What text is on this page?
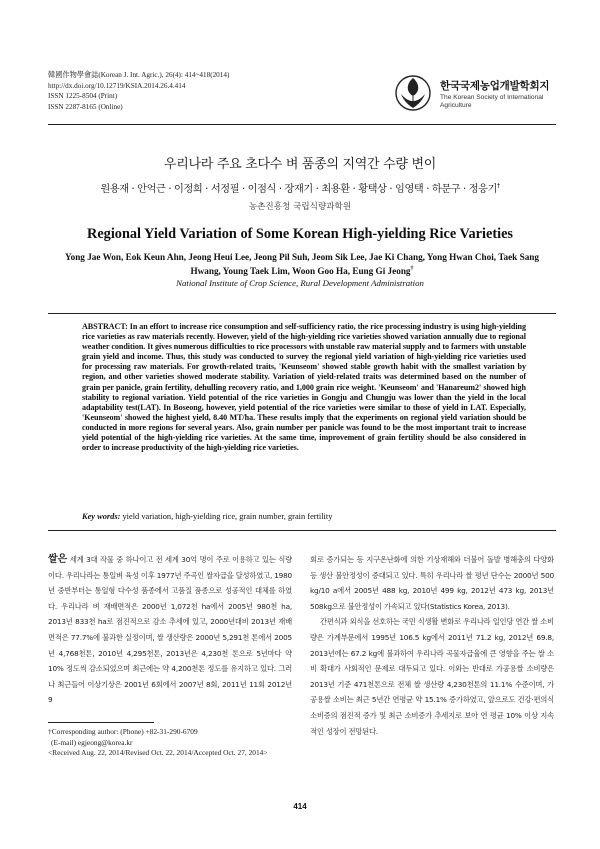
韓國作物學會誌(Korean J. Int. Agric.), 26(4): 414~418(2014)
http://dx.doi.org/10.12719/KSIA.2014.26.4.414
ISSN 1225-8504 (Print)
ISSN 2287-8165 (Online)
한국국제농업개발학회지
The Korean Society of International Agriculture
우리나라 주요 초다수 벼 품종의 지역간 수량 변이
원용재 · 안억근 · 이정희 · 서정필 · 이점식 · 장재기 · 최용환 · 황택상 · 임영택 · 하문구 · 정응기†
농촌진흥청 국립식량과학원
Regional Yield Variation of Some Korean High-yielding Rice Varieties
Yong Jae Won, Eok Keun Ahn, Jeong Heui Lee, Jeong Pil Suh, Jeom Sik Lee, Jae Ki Chang, Yong Hwan Choi, Taek Sang Hwang, Young Taek Lim, Woon Goo Ha, Eung Gi Jeong†
National Institute of Crop Science, Rural Development Administration
ABSTRACT: In an effort to increase rice consumption and self-sufficiency ratio, the rice processing industry is using high-yielding rice varieties as raw materials recently. However, yield of the high-yielding rice varieties showed variation annually due to regional weather condition. It gives numerous difficulties to rice processors with unstable raw material supply and to farmers with unstable grain yield and income. Thus, this study was conducted to survey the regional yield variation of high-yielding rice varieties used for processing raw materials. For growth-related traits, 'Keunseom' showed stable growth habit with the smallest variation by region, and other varieties showed moderate stability. Variation of yield-related traits was determined based on the number of grain per panicle, grain fertility, dehulling recovery ratio, and 1,000 grain rice weight. 'Keunseom' and 'Hanareum2' showed high stability to regional variation. Yield potential of the rice varieties in Gongju and Chungju was lower than the yield in the local adaptability test(LAT). In Boseong, however, yield potential of the rice varieties were similar to those of yield in LAT. Especially, 'Keunseom' showed the highest yield, 8.40 MT/ha. These results imply that the experiments on regional yield variation should be conducted in more regions for several years. Also, grain number per panicle was found to be the most important trait to increase yield potential of the high-yielding rice varieties. At the same time, improvement of grain fertility should be also considered in order to increase productivity of the high-yielding rice varieties.
Key words: yield variation, high-yielding rice, grain number, grain fertility

쌀은 세계 3대 작물 중 하나이고 전 세계 30억 명이 주로 이용하고 있는 식량이다. 우리나라는 통일벼 육성 이후 1977년 주곡인 쌀자급을 달성하였고, 1980년 중반부터는 통일형 다수성 품종에서 고품질 품종으로 성공적인 대체를 하였다. 우리나라 벼 재배면적은 2000년 1,072천 ha에서 2005년 980천 ha, 2013년 833천 ha로 점진적으로 감소 추세에 있고, 2000년대비 2013년 재배면적은 77.7%에 불과한 실정이며, 쌀 생산량은 2000년 5,291천 톤에서 2005년 4,768천톤, 2010년 4,295천톤, 2013년은 4,230천 톤으로 5년마다 약 10% 정도씩 감소되었으며 최근에는 약 4,200천톤 정도를 유지하고 있다. 그러나 최근들어 이상기상은 2001년 6회에서 2007년 8회, 2011년 11회 2012년 9

회로 증가되는 등 지구온난화에 의한 기상재해와 더불어 돌발 병해충의 다양화 등 생산 불안정성이 증대되고 있다. 특히 우리나라 쌀 평년 단수는 2000년 500 kg/10 a에서 2005년 488 kg, 2010년 499 kg, 2012년 473 kg, 2013년 508kg으로 불안정성이 가속되고 있다(Statistics Korea, 2013).

간편식과 외식을 선호하는 국민 식생활 변화로 우리나라 일인당 연간 쌀 소비량은 가계부문에서 1995년 106.5 kg에서 2011년 71.2 kg, 2012년 69.8, 2013년에는 67.2 kg에 불과하여 우리나라 곡물자급율에 큰 영향을 주는 쌀 소비 확대가 사회적인 문제로 대두되고 있다. 이와는 반대로 가공용쌀 소비량은 2013년 기준 471천톤으로 전체 쌀 생산량 4,230천톤의 11.1% 수준이며, 가공용쌀 소비는 최근 5년간 연평균 약 15.1% 증가하였고, 앞으로도 건강·편의식 소비증의 점진적 증가 및 최근 소비증가 추세지로 보아 연 평균 10% 이상 지속적인 성장이 전망된다.

†Corresponding author: (Phone) +82-31-290-6709
(E-mail) egjeong@korea.kr
<Received Aug. 22, 2014/Revised Oct. 22, 2014/Accepted Oct. 27, 2014>
414
